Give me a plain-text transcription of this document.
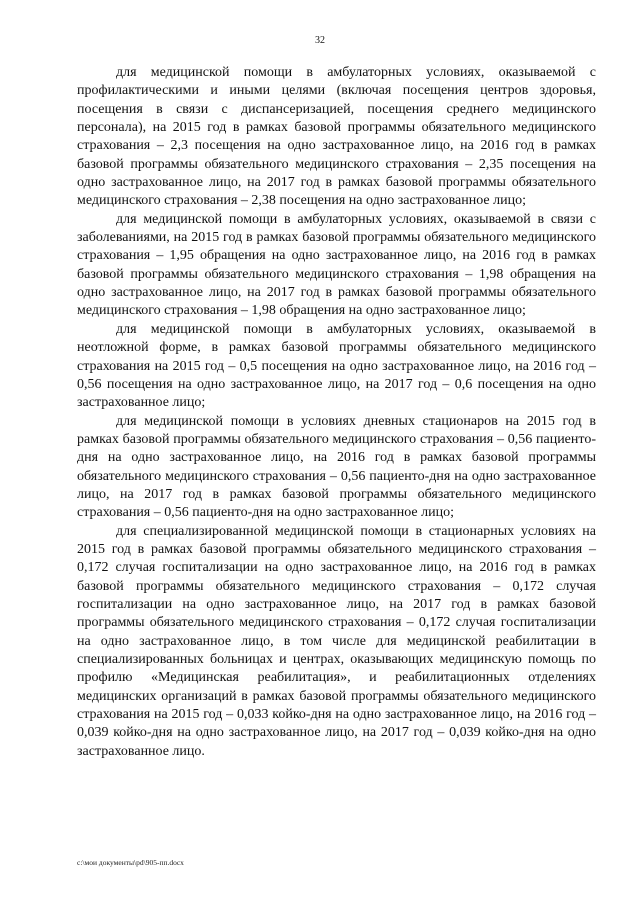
32

для медицинской помощи в амбулаторных условиях, оказываемой с профилактическими и иными целями (включая посещения центров здоровья, посещения в связи с диспансеризацией, посещения среднего медицинского персонала), на 2015 год в рамках базовой программы обязательного медицинского страхования – 2,3 посещения на одно застрахованное лицо, на 2016 год в рамках базовой программы обязательного медицинского страхования – 2,35 посещения на одно застрахованное лицо, на 2017 год в рамках базовой программы обязательного медицинского страхования – 2,38 посещения на одно застрахованное лицо;

для медицинской помощи в амбулаторных условиях, оказываемой в связи с заболеваниями, на 2015 год в рамках базовой программы обязательного медицинского страхования – 1,95 обращения на одно застрахованное лицо, на 2016 год в рамках базовой программы обязательного медицинского страхования – 1,98 обращения на одно застрахованное лицо, на 2017 год в рамках базовой программы обязательного медицинского страхования – 1,98 обращения на одно застрахованное лицо;

для медицинской помощи в амбулаторных условиях, оказываемой в неотложной форме, в рамках базовой программы обязательного медицинского страхования на 2015 год – 0,5 посещения на одно застрахованное лицо, на 2016 год – 0,56 посещения на одно застрахованное лицо, на 2017 год – 0,6 посещения на одно застрахованное лицо;

для медицинской помощи в условиях дневных стационаров на 2015 год в рамках базовой программы обязательного медицинского страхования – 0,56 пациенто-дня на одно застрахованное лицо, на 2016 год в рамках базовой программы обязательного медицинского страхования – 0,56 пациенто-дня на одно застрахованное лицо, на 2017 год в рамках базовой программы обязательного медицинского страхования – 0,56 пациенто-дня на одно застрахованное лицо;

для специализированной медицинской помощи в стационарных условиях на 2015 год в рамках базовой программы обязательного медицинского страхования – 0,172 случая госпитализации на одно застрахованное лицо, на 2016 год в рамках базовой программы обязательного медицинского страхования – 0,172 случая госпитализации на одно застрахованное лицо, на 2017 год в рамках базовой программы обязательного медицинского страхования – 0,172 случая госпитализации на одно застрахованное лицо, в том числе для медицинской реабилитации в специализированных больницах и центрах, оказывающих медицинскую помощь по профилю «Медицинская реабилитация», и реабилитационных отделениях медицинских организаций в рамках базовой программы обязательного медицинского страхования на 2015 год – 0,033 койко-дня на одно застрахованное лицо, на 2016 год – 0,039 койко-дня на одно застрахованное лицо, на 2017 год – 0,039 койко-дня на одно застрахованное лицо.

c:\мои документы\pd\905-пп.docx
